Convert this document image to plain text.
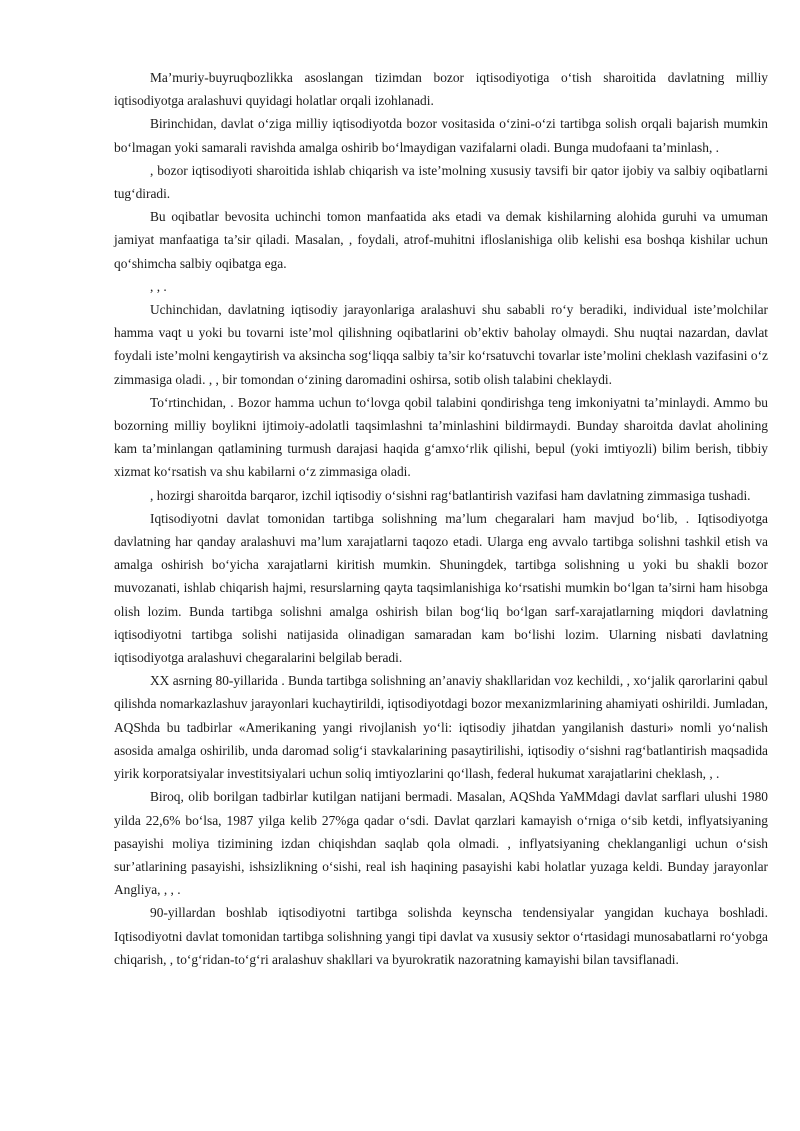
Ma’muriy-buyruqbozlikka asoslangan tizimdan bozor iqtisodiyotiga o‘tish sharoitida davlatning milliy iqtisodiyotga aralashuvi quyidagi holatlar orqali izohlanadi.

Birinchidan, davlat o‘ziga milliy iqtisodiyotda bozor vositasida o‘zini-o‘zi tartibga solish orqali bajarish mumkin bo‘lmagan yoki samarali ravishda amalga oshirib bo‘lmaydigan vazifalarni oladi. Bunga mudofaani ta’minlash, .

, bozor iqtisodiyoti sharoitida ishlab chiqarish va iste’molning xususiy tavsifi bir qator ijobiy va salbiy oqibatlarni tug‘diradi.

Bu oqibatlar bevosita uchinchi tomon manfaatida aks etadi va demak kishilarning alohida guruhi va umuman jamiyat manfaatiga ta’sir qiladi. Masalan, , foydali, atrof-muhitni ifloslanishiga olib kelishi esa boshqa kishilar uchun qo‘shimcha salbiy oqibatga ega.

, , .

Uchinchidan, davlatning iqtisodiy jarayonlariga aralashuvi shu sababli ro‘y beradiki, individual iste’molchilar hamma vaqt u yoki bu tovarni iste’mol qilishning oqibatlarini ob’ektiv baholay olmaydi. Shu nuqtai nazardan, davlat foydali iste’molni kengaytirish va aksincha sog‘liqqa salbiy ta’sir ko‘rsatuvchi tovarlar iste’molini cheklash vazifasini o‘z zimmasiga oladi. , , bir tomondan o‘zining daromadini oshirsa, sotib olish talabini cheklaydi.

To‘rtinchidan, . Bozor hamma uchun to‘lovga qobil talabini qondirishga teng imkoniyatni ta’minlaydi. Ammo bu bozorning milliy boylikni ijtimoiy-adolatli taqsimlashni ta’minlashini bildirmaydi. Bunday sharoitda davlat aholining kam ta’minlangan qatlamining turmush darajasi haqida g‘amxo‘rlik qilishi, bepul (yoki imtiyozli) bilim berish, tibbiy xizmat ko‘rsatish va shu kabilarni o‘z zimmasiga oladi.

, hozirgi sharoitda barqaror, izchil iqtisodiy o‘sishni rag‘batlantirish vazifasi ham davlatning zimmasiga tushadi.

Iqtisodiyotni davlat tomonidan tartibga solishning ma’lum chegaralari ham mavjud bo‘lib, . Iqtisodiyotga davlatning har qanday aralashuvi ma’lum xarajatlarni taqozo etadi. Ularga eng avvalo tartibga solishni tashkil etish va amalga oshirish bo‘yicha xarajatlarni kiritish mumkin. Shuningdek, tartibga solishning u yoki bu shakli bozor muvozanati, ishlab chiqarish hajmi, resurslarning qayta taqsimlanishiga ko‘rsatishi mumkin bo‘lgan ta’sirni ham hisobga olish lozim. Bunda tartibga solishni amalga oshirish bilan bog‘liq bo‘lgan sarf-xarajatlarning miqdori davlatning iqtisodiyotni tartibga solishi natijasida olinadigan samaradan kam bo‘lishi lozim. Ularning nisbati davlatning iqtisodiyotga aralashuvi chegaralarini belgilab beradi.

XX asrning 80-yillarida . Bunda tartibga solishning an’anaviy shakllaridan voz kechildi, , xo‘jalik qarorlarini qabul qilishda nomarkazlashuv jarayonlari kuchaytirildi, iqtisodiyotdagi bozor mexanizmlarining ahamiyati oshirildi. Jumladan, AQShda bu tadbirlar «Amerikaning yangi rivojlanish yo‘li: iqtisodiy jihatdan yangilanish dasturi» nomli yo‘nalish asosida amalga oshirilib, unda daromad solig‘i stavkalarining pasaytirilishi, iqtisodiy o‘sishni rag‘batlantirish maqsadida yirik korporatsiyalar investitsiyalari uchun soliq imtiyozlarini qo‘llash, federal hukumat xarajatlarini cheklash, , .

Biroq, olib borilgan tadbirlar kutilgan natijani bermadi. Masalan, AQShda YaMMdagi davlat sarflari ulushi 1980 yilda 22,6% bo‘lsa, 1987 yilga kelib 27%ga qadar o‘sdi. Davlat qarzlari kamayish o‘rniga o‘sib ketdi, inflyatsiyaning pasayishi moliya tizimining izdan chiqishdan saqlab qola olmadi. , inflyatsiyaning cheklanganligi uchun o‘sish sur’atlarining pasayishi, ishsizlikning o‘sishi, real ish haqining pasayishi kabi holatlar yuzaga keldi. Bunday jarayonlar Angliya, , , .

90-yillardan boshlab iqtisodiyotni tartibga solishda keynscha tendensiyalar yangidan kuchaya boshladi. Iqtisodiyotni davlat tomonidan tartibga solishning yangi tipi davlat va xususiy sektor o‘rtasidagi munosabatlarni ro‘yobga chiqarish, , to‘g‘ridan-to‘g‘ri aralashuv shakllari va byurokratik nazoratning kamayishi bilan tavsiflanadi.
